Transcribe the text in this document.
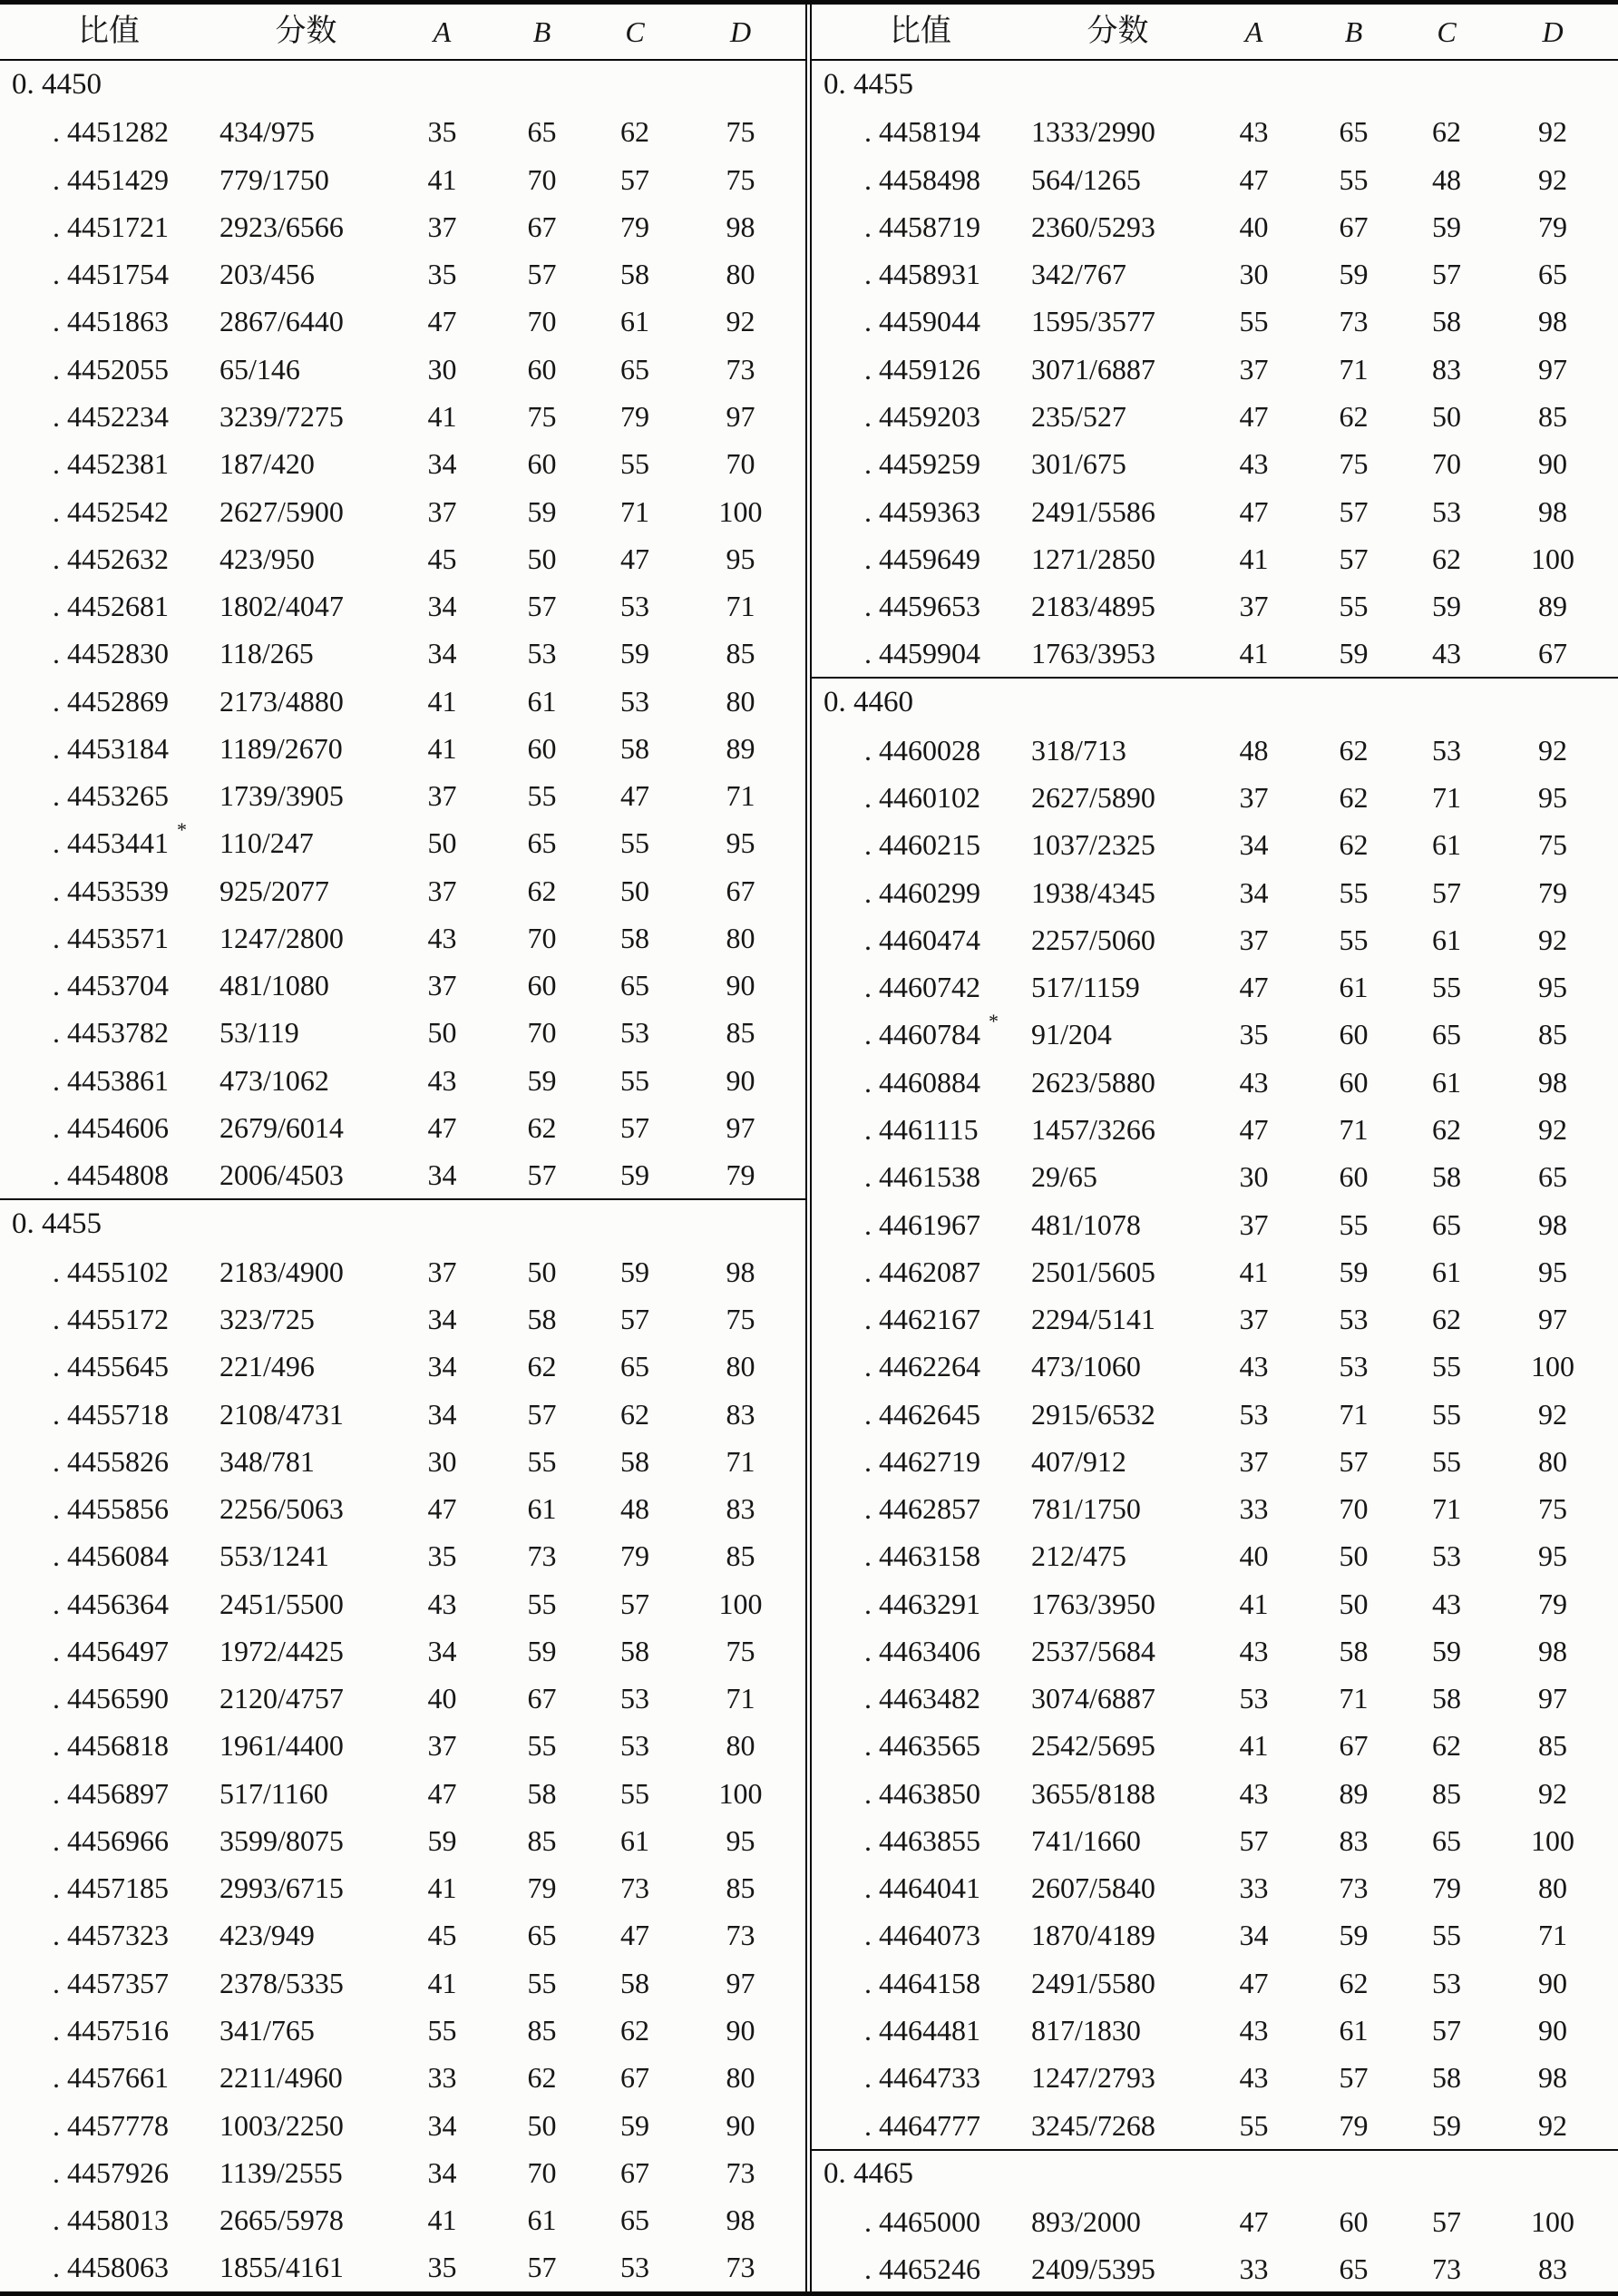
比值	分数	A	B	C	D
0. 4450
. 4451282	434/975	35	65	62	75
. 4451429	779/1750	41	70	57	75
. 4451721	2923/6566	37	67	79	98
. 4451754	203/456	35	57	58	80
. 4451863	2867/6440	47	70	61	92
. 4452055	65/146	30	60	65	73
. 4452234	3239/7275	41	75	79	97
. 4452381	187/420	34	60	55	70
. 4452542	2627/5900	37	59	71	100
. 4452632	423/950	45	50	47	95
. 4452681	1802/4047	34	57	53	71
. 4452830	118/265	34	53	59	85
. 4452869	2173/4880	41	61	53	80
. 4453184	1189/2670	41	60	58	89
. 4453265	1739/3905	37	55	47	71
. 4453441 *	110/247	50	65	55	95
. 4453539	925/2077	37	62	50	67
. 4453571	1247/2800	43	70	58	80
. 4453704	481/1080	37	60	65	90
. 4453782	53/119	50	70	53	85
. 4453861	473/1062	43	59	55	90
. 4454606	2679/6014	47	62	57	97
. 4454808	2006/4503	34	57	59	79
0. 4455
. 4455102	2183/4900	37	50	59	98
. 4455172	323/725	34	58	57	75
. 4455645	221/496	34	62	65	80
. 4455718	2108/4731	34	57	62	83
. 4455826	348/781	30	55	58	71
. 4455856	2256/5063	47	61	48	83
. 4456084	553/1241	35	73	79	85
. 4456364	2451/5500	43	55	57	100
. 4456497	1972/4425	34	59	58	75
. 4456590	2120/4757	40	67	53	71
. 4456818	1961/4400	37	55	53	80
. 4456897	517/1160	47	58	55	100
. 4456966	3599/8075	59	85	61	95
. 4457185	2993/6715	41	79	73	85
. 4457323	423/949	45	65	47	73
. 4457357	2378/5335	41	55	58	97
. 4457516	341/765	55	85	62	90
. 4457661	2211/4960	33	62	67	80
. 4457778	1003/2250	34	50	59	90
. 4457926	1139/2555	34	70	67	73
. 4458013	2665/5978	41	61	65	98
. 4458063	1855/4161	35	57	53	73
比值	分数	A	B	C	D
0. 4455
. 4458194	1333/2990	43	65	62	92
. 4458498	564/1265	47	55	48	92
. 4458719	2360/5293	40	67	59	79
. 4458931	342/767	30	59	57	65
. 4459044	1595/3577	55	73	58	98
. 4459126	3071/6887	37	71	83	97
. 4459203	235/527	47	62	50	85
. 4459259	301/675	43	75	70	90
. 4459363	2491/5586	47	57	53	98
. 4459649	1271/2850	41	57	62	100
. 4459653	2183/4895	37	55	59	89
. 4459904	1763/3953	41	59	43	67
0. 4460
. 4460028	318/713	48	62	53	92
. 4460102	2627/5890	37	62	71	95
. 4460215	1037/2325	34	62	61	75
. 4460299	1938/4345	34	55	57	79
. 4460474	2257/5060	37	55	61	92
. 4460742	517/1159	47	61	55	95
. 4460784 *	91/204	35	60	65	85
. 4460884	2623/5880	43	60	61	98
. 4461115	1457/3266	47	71	62	92
. 4461538	29/65	30	60	58	65
. 4461967	481/1078	37	55	65	98
. 4462087	2501/5605	41	59	61	95
. 4462167	2294/5141	37	53	62	97
. 4462264	473/1060	43	53	55	100
. 4462645	2915/6532	53	71	55	92
. 4462719	407/912	37	57	55	80
. 4462857	781/1750	33	70	71	75
. 4463158	212/475	40	50	53	95
. 4463291	1763/3950	41	50	43	79
. 4463406	2537/5684	43	58	59	98
. 4463482	3074/6887	53	71	58	97
. 4463565	2542/5695	41	67	62	85
. 4463850	3655/8188	43	89	85	92
. 4463855	741/1660	57	83	65	100
. 4464041	2607/5840	33	73	79	80
. 4464073	1870/4189	34	59	55	71
. 4464158	2491/5580	47	62	53	90
. 4464481	817/1830	43	61	57	90
. 4464733	1247/2793	43	57	58	98
. 4464777	3245/7268	55	79	59	92
0. 4465
. 4465000	893/2000	47	60	57	100
. 4465246	2409/5395	33	65	73	83
